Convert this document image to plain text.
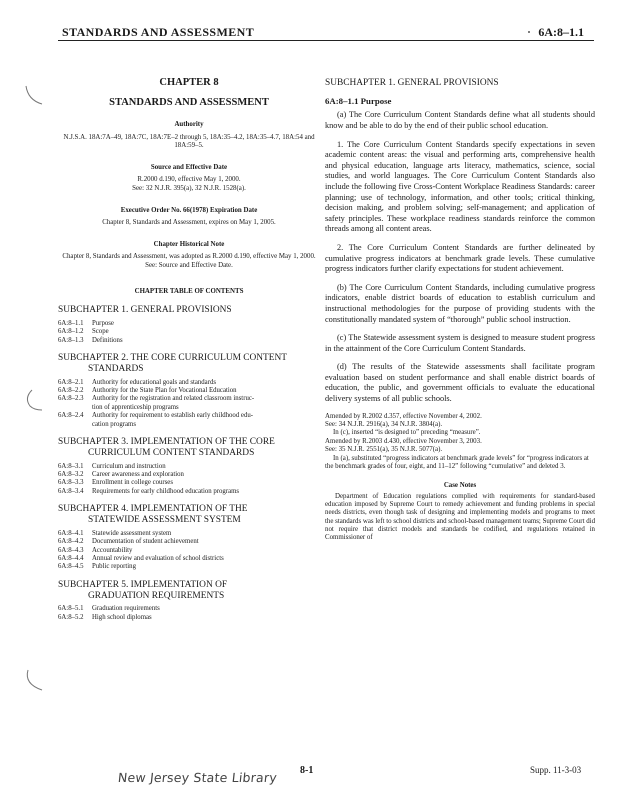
STANDARDS AND ASSESSMENT	6A:8–1.1
CHAPTER 8
STANDARDS AND ASSESSMENT
Authority
N.J.S.A. 18A:7A–49, 18A:7C, 18A:7E–2 through 5, 18A:35–4.2, 18A:35–4.7, 18A:54 and 18A:59–5.
Source and Effective Date
R.2000 d.190, effective May 1, 2000.
See: 32 N.J.R. 395(a), 32 N.J.R. 1528(a).
Executive Order No. 66(1978) Expiration Date
Chapter 8, Standards and Assessment, expires on May 1, 2005.
Chapter Historical Note
Chapter 8, Standards and Assessment, was adopted as R.2000 d.190, effective May 1, 2000. See: Source and Effective Date.
CHAPTER TABLE OF CONTENTS
SUBCHAPTER 1. GENERAL PROVISIONS
6A:8–1.1	Purpose
6A:8–1.2	Scope
6A:8–1.3	Definitions
SUBCHAPTER 2. THE CORE CURRICULUM CONTENT
STANDARDS
6A:8–2.1	Authority for educational goals and standards
6A:8–2.2	Authority for the State Plan for Vocational Education
6A:8–2.3	Authority for the registration and related classroom instruc-
tion of apprenticeship programs
6A:8–2.4	Authority for requirement to establish early childhood edu-
cation programs
SUBCHAPTER 3. IMPLEMENTATION OF THE CORE
CURRICULUM CONTENT STANDARDS
6A:8–3.1	Curriculum and instruction
6A:8–3.2	Career awareness and exploration
6A:8–3.3	Enrollment in college courses
6A:8–3.4	Requirements for early childhood education programs
SUBCHAPTER 4. IMPLEMENTATION OF THE
STATEWIDE ASSESSMENT SYSTEM
6A:8–4.1	Statewide assessment system
6A:8–4.2	Documentation of student achievement
6A:8–4.3	Accountability
6A:8–4.4	Annual review and evaluation of school districts
6A:8–4.5	Public reporting
SUBCHAPTER 5. IMPLEMENTATION OF
GRADUATION REQUIREMENTS
6A:8–5.1	Graduation requirements
6A:8–5.2	High school diplomas
SUBCHAPTER 1. GENERAL PROVISIONS
6A:8–1.1 Purpose

(a) The Core Curriculum Content Standards define what all students should know and be able to do by the end of their public school education.

1. The Core Curriculum Content Standards specify expectations in seven academic content areas: the visual and performing arts, comprehensive health and physical education, language arts literacy, mathematics, science, social studies, and world languages. The Core Curriculum Content Standards also include the following five Cross-Content Workplace Readiness Standards: career planning; use of technology, information, and other tools; critical thinking, decision making, and problem solving; self-management; and application of safety principles. These workplace readiness standards reinforce the common threads among all content areas.

2. The Core Curriculum Content Standards are further delineated by cumulative progress indicators at benchmark grade levels. These cumulative progress indicators further clarify expectations for student achievement.

(b) The Core Curriculum Content Standards, including cumulative progress indicators, enable district boards of education to establish curriculum and instructional methodologies for the purpose of providing students with the constitutionally mandated system of “thorough” public school instruction.

(c) The Statewide assessment system is designed to measure student progress in the attainment of the Core Curriculum Content Standards.

(d) The results of the Statewide assessments shall facilitate program evaluation based on student performance and shall enable district boards of education, the public, and government officials to evaluate the educational delivery systems of all public schools.

Amended by R.2002 d.357, effective November 4, 2002.
See: 34 N.J.R. 2916(a), 34 N.J.R. 3804(a).
In (c), inserted “is designed to” preceding “measure”.
Amended by R.2003 d.430, effective November 3, 2003.
See: 35 N.J.R. 2551(a), 35 N.J.R. 5077(a).
In (a), substituted “progress indicators at benchmark grade levels” for “progress indicators at the benchmark grades of four, eight, and 11–12” following “cumulative” and deleted 3.
Case Notes
Department of Education regulations complied with requirements for standard-based education imposed by Supreme Court to remedy achievement and funding problems in special needs districts, even though task of designing and implementing models and programs to meet the standards was left to school districts and school-based management teams; Supreme Court did not require that district models and standards be codified, and regulations retained in Commissioner of
New Jersey State Library 8-1	Supp. 11-3-03
